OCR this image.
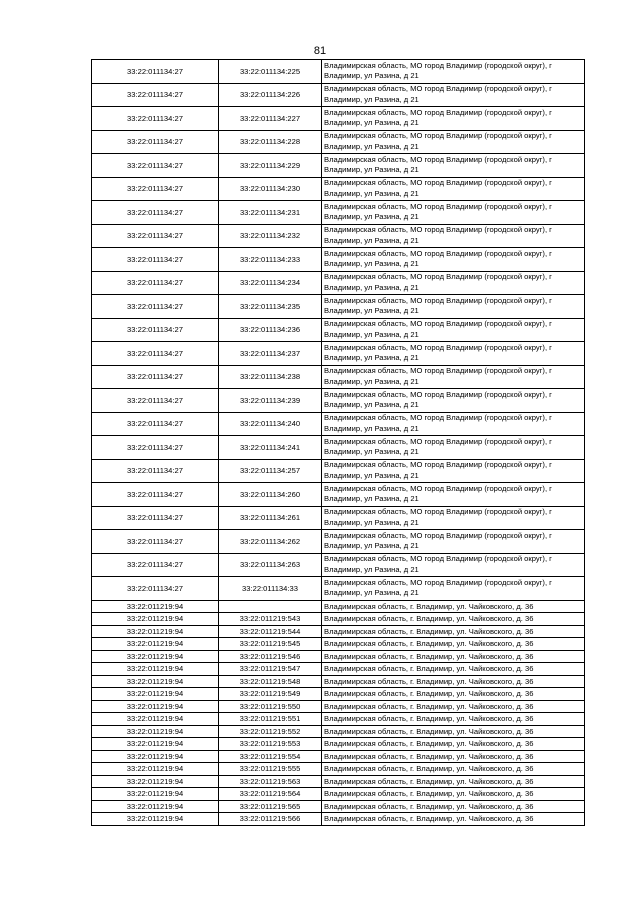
81
33:22:011134:27	33:22:011134:225	Владимирская область, МО город Владимир (городской округ), г Владимир, ул Разина, д 21
33:22:011134:27	33:22:011134:226	Владимирская область, МО город Владимир (городской округ), г Владимир, ул Разина, д 21
33:22:011134:27	33:22:011134:227	Владимирская область, МО город Владимир (городской округ), г Владимир, ул Разина, д 21
33:22:011134:27	33:22:011134:228	Владимирская область, МО город Владимир (городской округ), г Владимир, ул Разина, д 21
33:22:011134:27	33:22:011134:229	Владимирская область, МО город Владимир (городской округ), г Владимир, ул Разина, д 21
33:22:011134:27	33:22:011134:230	Владимирская область, МО город Владимир (городской округ), г Владимир, ул Разина, д 21
33:22:011134:27	33:22:011134:231	Владимирская область, МО город Владимир (городской округ), г Владимир, ул Разина, д 21
33:22:011134:27	33:22:011134:232	Владимирская область, МО город Владимир (городской округ), г Владимир, ул Разина, д 21
33:22:011134:27	33:22:011134:233	Владимирская область, МО город Владимир (городской округ), г Владимир, ул Разина, д 21
33:22:011134:27	33:22:011134:234	Владимирская область, МО город Владимир (городской округ), г Владимир, ул Разина, д 21
33:22:011134:27	33:22:011134:235	Владимирская область, МО город Владимир (городской округ), г Владимир, ул Разина, д 21
33:22:011134:27	33:22:011134:236	Владимирская область, МО город Владимир (городской округ), г Владимир, ул Разина, д 21
33:22:011134:27	33:22:011134:237	Владимирская область, МО город Владимир (городской округ), г Владимир, ул Разина, д 21
33:22:011134:27	33:22:011134:238	Владимирская область, МО город Владимир (городской округ), г Владимир, ул Разина, д 21
33:22:011134:27	33:22:011134:239	Владимирская область, МО город Владимир (городской округ), г Владимир, ул Разина, д 21
33:22:011134:27	33:22:011134:240	Владимирская область, МО город Владимир (городской округ), г Владимир, ул Разина, д 21
33:22:011134:27	33:22:011134:241	Владимирская область, МО город Владимир (городской округ), г Владимир, ул Разина, д 21
33:22:011134:27	33:22:011134:257	Владимирская область, МО город Владимир (городской округ), г Владимир, ул Разина, д 21
33:22:011134:27	33:22:011134:260	Владимирская область, МО город Владимир (городской округ), г Владимир, ул Разина, д 21
33:22:011134:27	33:22:011134:261	Владимирская область, МО город Владимир (городской округ), г Владимир, ул Разина, д 21
33:22:011134:27	33:22:011134:262	Владимирская область, МО город Владимир (городской округ), г Владимир, ул Разина, д 21
33:22:011134:27	33:22:011134:263	Владимирская область, МО город Владимир (городской округ), г Владимир, ул Разина, д 21
33:22:011134:27	33:22:011134:33	Владимирская область, МО город Владимир (городской округ), г Владимир, ул Разина, д 21
33:22:011219:94		Владимирская область, г. Владимир, ул. Чайковского, д. 36
33:22:011219:94	33:22:011219:543	Владимирская область, г. Владимир, ул. Чайковского, д. 36
33:22:011219:94	33:22:011219:544	Владимирская область, г. Владимир, ул. Чайковского, д. 36
33:22:011219:94	33:22:011219:545	Владимирская область, г. Владимир, ул. Чайковского, д. 36
33:22:011219:94	33:22:011219:546	Владимирская область, г. Владимир, ул. Чайковского, д. 36
33:22:011219:94	33:22:011219:547	Владимирская область, г. Владимир, ул. Чайковского, д. 36
33:22:011219:94	33:22:011219:548	Владимирская область, г. Владимир, ул. Чайковского, д. 36
33:22:011219:94	33:22:011219:549	Владимирская область, г. Владимир, ул. Чайковского, д. 36
33:22:011219:94	33:22:011219:550	Владимирская область, г. Владимир, ул. Чайковского, д. 36
33:22:011219:94	33:22:011219:551	Владимирская область, г. Владимир, ул. Чайковского, д. 36
33:22:011219:94	33:22:011219:552	Владимирская область, г. Владимир, ул. Чайковского, д. 36
33:22:011219:94	33:22:011219:553	Владимирская область, г. Владимир, ул. Чайковского, д. 36
33:22:011219:94	33:22:011219:554	Владимирская область, г. Владимир, ул. Чайковского, д. 36
33:22:011219:94	33:22:011219:555	Владимирская область, г. Владимир, ул. Чайковского, д. 36
33:22:011219:94	33:22:011219:563	Владимирская область, г. Владимир, ул. Чайковского, д. 36
33:22:011219:94	33:22:011219:564	Владимирская область, г. Владимир, ул. Чайковского, д. 36
33:22:011219:94	33:22:011219:565	Владимирская область, г. Владимир, ул. Чайковского, д. 36
33:22:011219:94	33:22:011219:566	Владимирская область, г. Владимир, ул. Чайковского, д. 36
